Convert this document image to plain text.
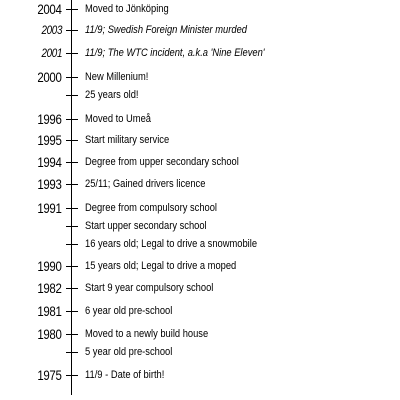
2004 Moved to Jönköping
2003 11/9; Swedish Foreign Minister murded
2001 11/9; The WTC incident, a.k.a 'Nine Eleven'
2000 New Millenium!
25 years old!
1996 Moved to Umeå
1995 Start military service
1994 Degree from upper secondary school
1993 25/11; Gained drivers licence
1991 Degree from compulsory school
Start upper secondary school
16 years old; Legal to drive a snowmobile
1990 15 years old; Legal to drive a moped
1982 Start 9 year compulsory school
1981 6 year old pre-school
1980 Moved to a newly build house
5 year old pre-school
1975 11/9 - Date of birth!
